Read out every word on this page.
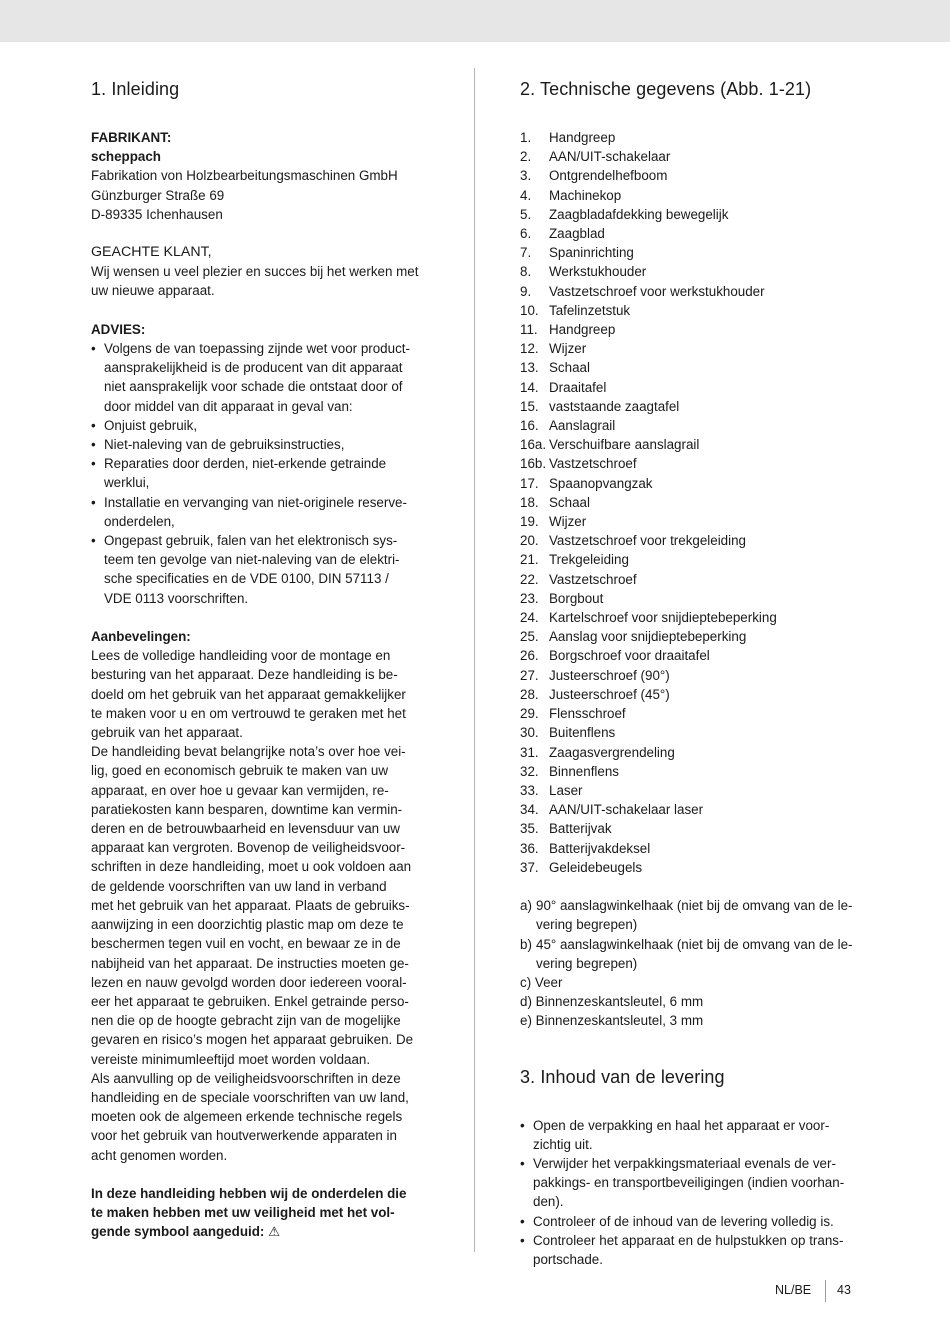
1. Inleiding
FABRIKANT:
scheppach
Fabrikation von Holzbearbeitungsmaschinen GmbH
Günzburger Straße 69
D-89335 Ichenhausen
GEACHTE KLANT,
Wij wensen u veel plezier en succes bij het werken met
uw nieuwe apparaat.
ADVIES:
• Volgens de van toepassing zijnde wet voor product-
aansprakelijkheid is de producent van dit apparaat
niet aansprakelijk voor schade die ontstaat door of
door middel van dit apparaat in geval van:
• Onjuist gebruik,
• Niet-naleving van de gebruiksinstructies,
• Reparaties door derden, niet-erkende getrainde
werklui,
• Installatie en vervanging van niet-originele reserve-
onderdelen,
• Ongepast gebruik, falen van het elektronisch sys-
teem ten gevolge van niet-naleving van de elektri-
sche specificaties en de VDE 0100, DIN 57113 /
VDE 0113 voorschriften.
Aanbevelingen:
Lees de volledige handleiding voor de montage en
besturing van het apparaat. Deze handleiding is be-
doeld om het gebruik van het apparaat gemakkelijker
te maken voor u en om vertrouwd te geraken met het
gebruik van het apparaat.
De handleiding bevat belangrijke nota’s over hoe vei-
lig, goed en economisch gebruik te maken van uw
apparaat, en over hoe u gevaar kan vermijden, re-
paratiekosten kann besparen, downtime kan vermin-
deren en de betrouwbaarheid en levensduur van uw
apparaat kan vergroten. Bovenop de veiligheidsvoor-
schriften in deze handleiding, moet u ook voldoen aan
de geldende voorschriften van uw land in verband
met het gebruik van het apparaat. Plaats de gebruiks-
aanwijzing in een doorzichtig plastic map om deze te
beschermen tegen vuil en vocht, en bewaar ze in de
nabijheid van het apparaat. De instructies moeten ge-
lezen en nauw gevolgd worden door iedereen vooral-
eer het apparaat te gebruiken. Enkel getrainde perso-
nen die op de hoogte gebracht zijn van de mogelijke
gevaren en risico’s mogen het apparaat gebruiken. De
vereiste minimumleeftijd moet worden voldaan.
Als aanvulling op de veiligheidsvoorschriften in deze
handleiding en de speciale voorschriften van uw land,
moeten ook de algemeen erkende technische regels
voor het gebruik van houtverwerkende apparaten in
acht genomen worden.
In deze handleiding hebben wij de onderdelen die
te maken hebben met uw veiligheid met het vol-
gende symbool aangeduid: ⚠
2. Technische gegevens (Abb. 1-21)
1.	Handgreep
2.	AAN/UIT-schakelaar
3.	Ontgrendelhefboom
4.	Machinekop
5.	Zaagbladafdekking bewegelijk
6.	Zaagblad
7.	Spaninrichting
8.	Werkstukhouder
9.	Vastzetschroef voor werkstukhouder
10. Tafelinzetstuk
11. Handgreep
12. Wijzer
13. Schaal
14. Draaitafel
15. vaststaande zaagtafel
16. Aanslagrail
16a. Verschuifbare aanslagrail
16b. Vastzetschroef
17. Spaanopvangzak
18. Schaal
19. Wijzer
20. Vastzetschroef voor trekgeleiding
21. Trekgeleiding
22. Vastzetschroef
23. Borgbout
24. Kartelschroef voor snijdieptebeperking
25. Aanslag voor snijdieptebeperking
26. Borgschroef voor draaitafel
27. Justeerschroef (90°)
28. Justeerschroef (45°)
29. Flensschroef
30. Buitenflens
31. Zaagasvergrendeling
32. Binnenflens
33. Laser
34. AAN/UIT-schakelaar laser
35. Batterijvak
36. Batterijvakdeksel
37. Geleidebeugels
a) 90° aanslagwinkelhaak (niet bij de omvang van de le-
vering begrepen)
b) 45° aanslagwinkelhaak (niet bij de omvang van de le-
vering begrepen)
c) Veer
d) Binnenzeskantsleutel, 6 mm
e) Binnenzeskantsleutel, 3 mm
3. Inhoud van de levering
• Open de verpakking en haal het apparaat er voor-
zichtig uit.
• Verwijder het verpakkingsmateriaal evenals de ver-
pakkings- en transportbeveiligingen (indien voorhan-
den).
• Controleer of de inhoud van de levering volledig is.
• Controleer het apparaat en de hulpstukken op trans-
portschade.
NL/BE 43
